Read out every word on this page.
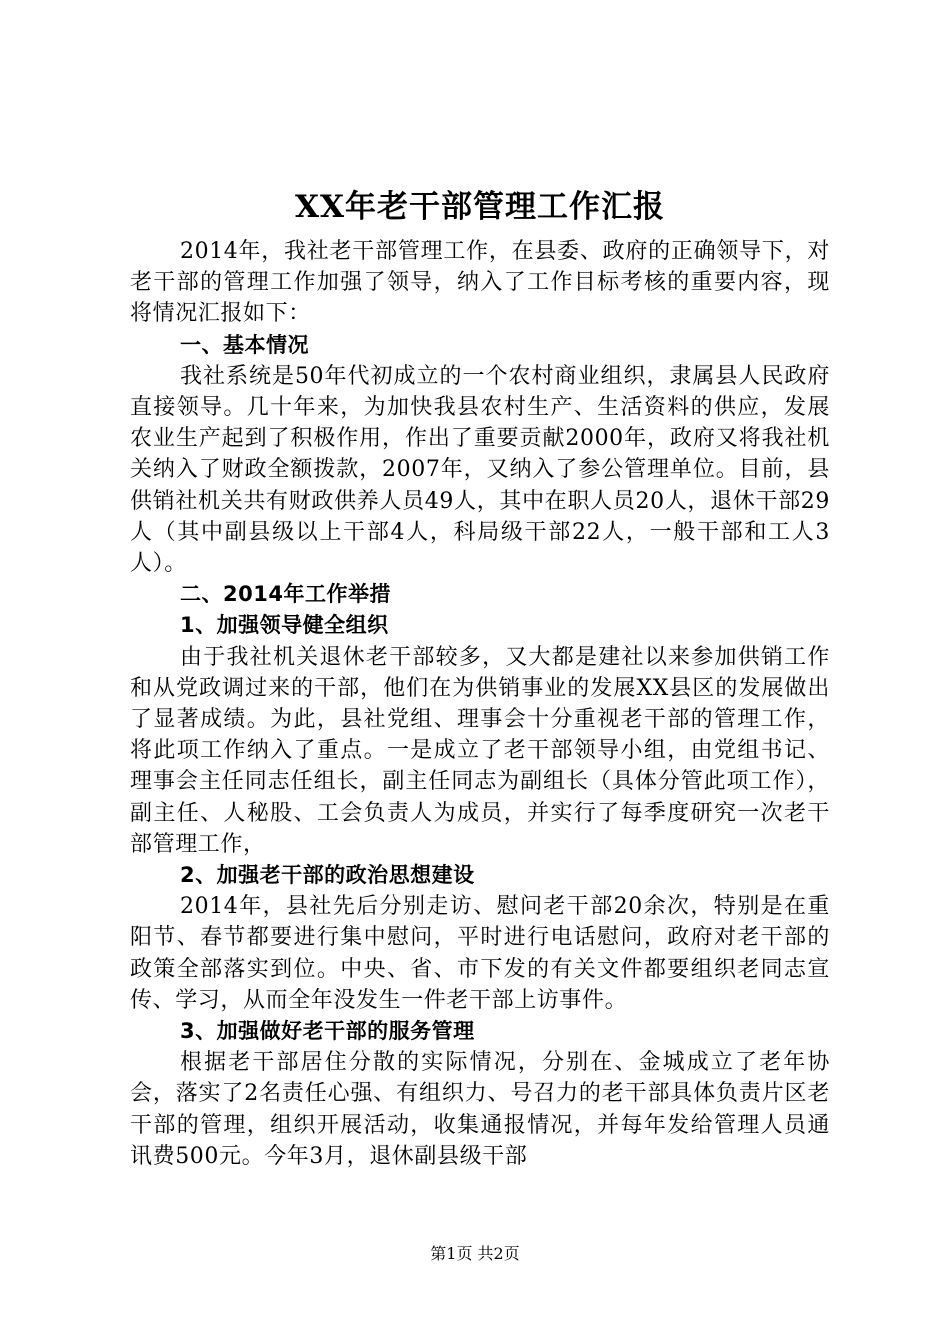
XX年老干部管理工作汇报

2014年，我社老干部管理工作，在县委、政府的正确领导下，对老干部的管理工作加强了领导，纳入了工作目标考核的重要内容，现将情况汇报如下：

一、基本情况

我社系统是50年代初成立的一个农村商业组织，隶属县人民政府直接领导。几十年来，为加快我县农村生产、生活资料的供应，发展农业生产起到了积极作用，作出了重要贡献2000年，政府又将我社机关纳入了财政全额拨款，2007年，又纳入了参公管理单位。目前，县供销社机关共有财政供养人员49人，其中在职人员20人，退休干部29人（其中副县级以上干部4人，科局级干部22人，一般干部和工人3人）。

二、2014年工作举措

1、加强领导健全组织

由于我社机关退休老干部较多，又大都是建社以来参加供销工作和从党政调过来的干部，他们在为供销事业的发展XX县区的发展做出了显著成绩。为此，县社党组、理事会十分重视老干部的管理工作，将此项工作纳入了重点。一是成立了老干部领导小组，由党组书记、理事会主任同志任组长，副主任同志为副组长（具体分管此项工作），副主任、人秘股、工会负责人为成员，并实行了每季度研究一次老干部管理工作，

2、加强老干部的政治思想建设

2014年，县社先后分别走访、慰问老干部20余次，特别是在重阳节、春节都要进行集中慰问，平时进行电话慰问，政府对老干部的政策全部落实到位。中央、省、市下发的有关文件都要组织老同志宣传、学习，从而全年没发生一件老干部上访事件。

3、加强做好老干部的服务管理

根据老干部居住分散的实际情况，分别在、金城成立了老年协会，落实了2名责任心强、有组织力、号召力的老干部具体负责片区老干部的管理，组织开展活动，收集通报情况，并每年发给管理人员通讯费500元。今年3月，退休副县级干部

第1页 共2页
